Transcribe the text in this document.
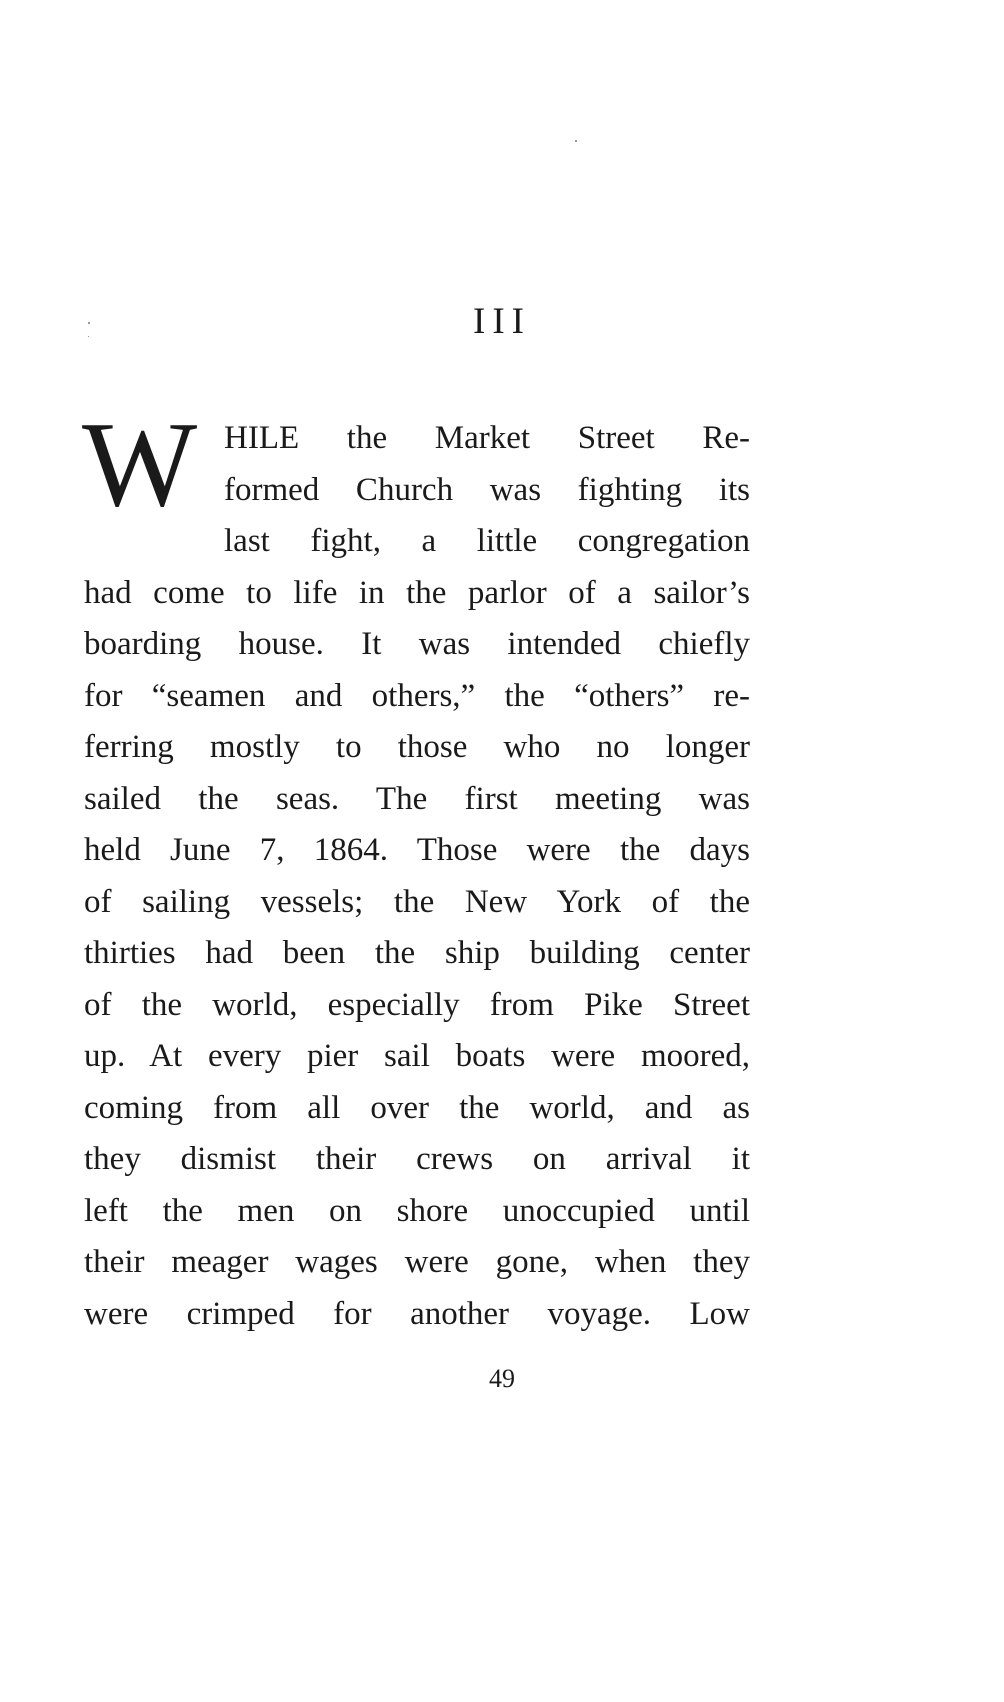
III
W HILE the Market Street Re-
formed Church was fighting its
last fight, a little congregation
had come to life in the parlor of a sailor’s
boarding house. It was intended chiefly
for “seamen and others,” the “others” re-
ferring mostly to those who no longer
sailed the seas. The first meeting was
held June 7, 1864. Those were the days
of sailing vessels; the New York of the
thirties had been the ship building center
of the world, especially from Pike Street
up. At every pier sail boats were moored,
coming from all over the world, and as
they dismist their crews on arrival it
left the men on shore unoccupied until
their meager wages were gone, when they
were crimped for another voyage. Low
49
